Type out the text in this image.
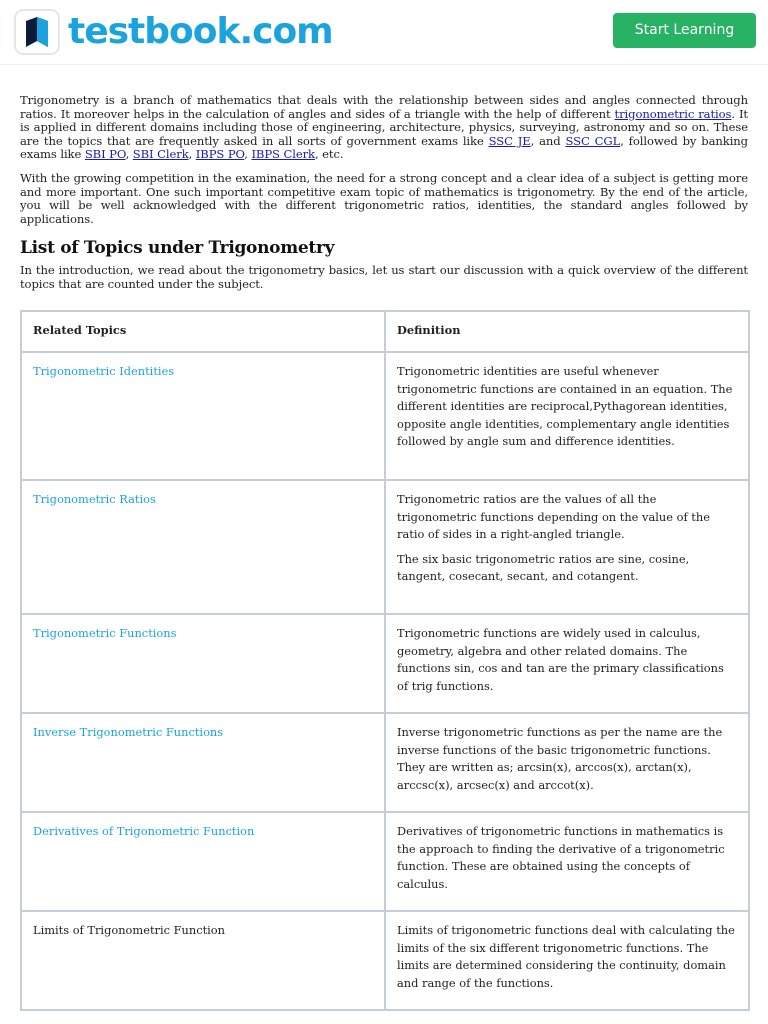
testbook.com	Start Learning

Trigonometry is a branch of mathematics that deals with the relationship between sides and angles connected through ratios. It moreover helps in the calculation of angles and sides of a triangle with the help of different trigonometric ratios. It is applied in different domains including those of engineering, architecture, physics, surveying, astronomy and so on. These are the topics that are frequently asked in all sorts of government exams like SSC JE, and SSC CGL, followed by banking exams like SBI PO, SBI Clerk, IBPS PO, IBPS Clerk, etc.

With the growing competition in the examination, the need for a strong concept and a clear idea of a subject is getting more and more important. One such important competitive exam topic of mathematics is trigonometry. By the end of the article, you will be well acknowledged with the different trigonometric ratios, identities, the standard angles followed by applications.

List of Topics under Trigonometry

In the introduction, we read about the trigonometry basics, let us start our discussion with a quick overview of the different topics that are counted under the subject.

Related Topics	Definition
Trigonometric Identities	Trigonometric identities are useful whenever trigonometric functions are contained in an equation. The different identities are reciprocal,Pythagorean identities, opposite angle identities, complementary angle identities followed by angle sum and difference identities.

Trigonometric Ratios	Trigonometric ratios are the values of all the trigonometric functions depending on the value of the ratio of sides in a right-angled triangle.

The six basic trigonometric ratios are sine, cosine, tangent, cosecant, secant, and cotangent.

Trigonometric Functions	Trigonometric functions are widely used in calculus, geometry, algebra and other related domains. The functions sin, cos and tan are the primary classifications of trig functions.

Inverse Trigonometric Functions	Inverse trigonometric functions as per the name are the inverse functions of the basic trigonometric functions. They are written as; arcsin(x), arccos(x), arctan(x), arccsc(x), arcsec(x) and arccot(x).

Derivatives of Trigonometric Function	Derivatives of trigonometric functions in mathematics is the approach to finding the derivative of a trigonometric function. These are obtained using the concepts of calculus.

Limits of Trigonometric Function	Limits of trigonometric functions deal with calculating the limits of the six different trigonometric functions. The limits are determined considering the continuity, domain and range of the functions.
